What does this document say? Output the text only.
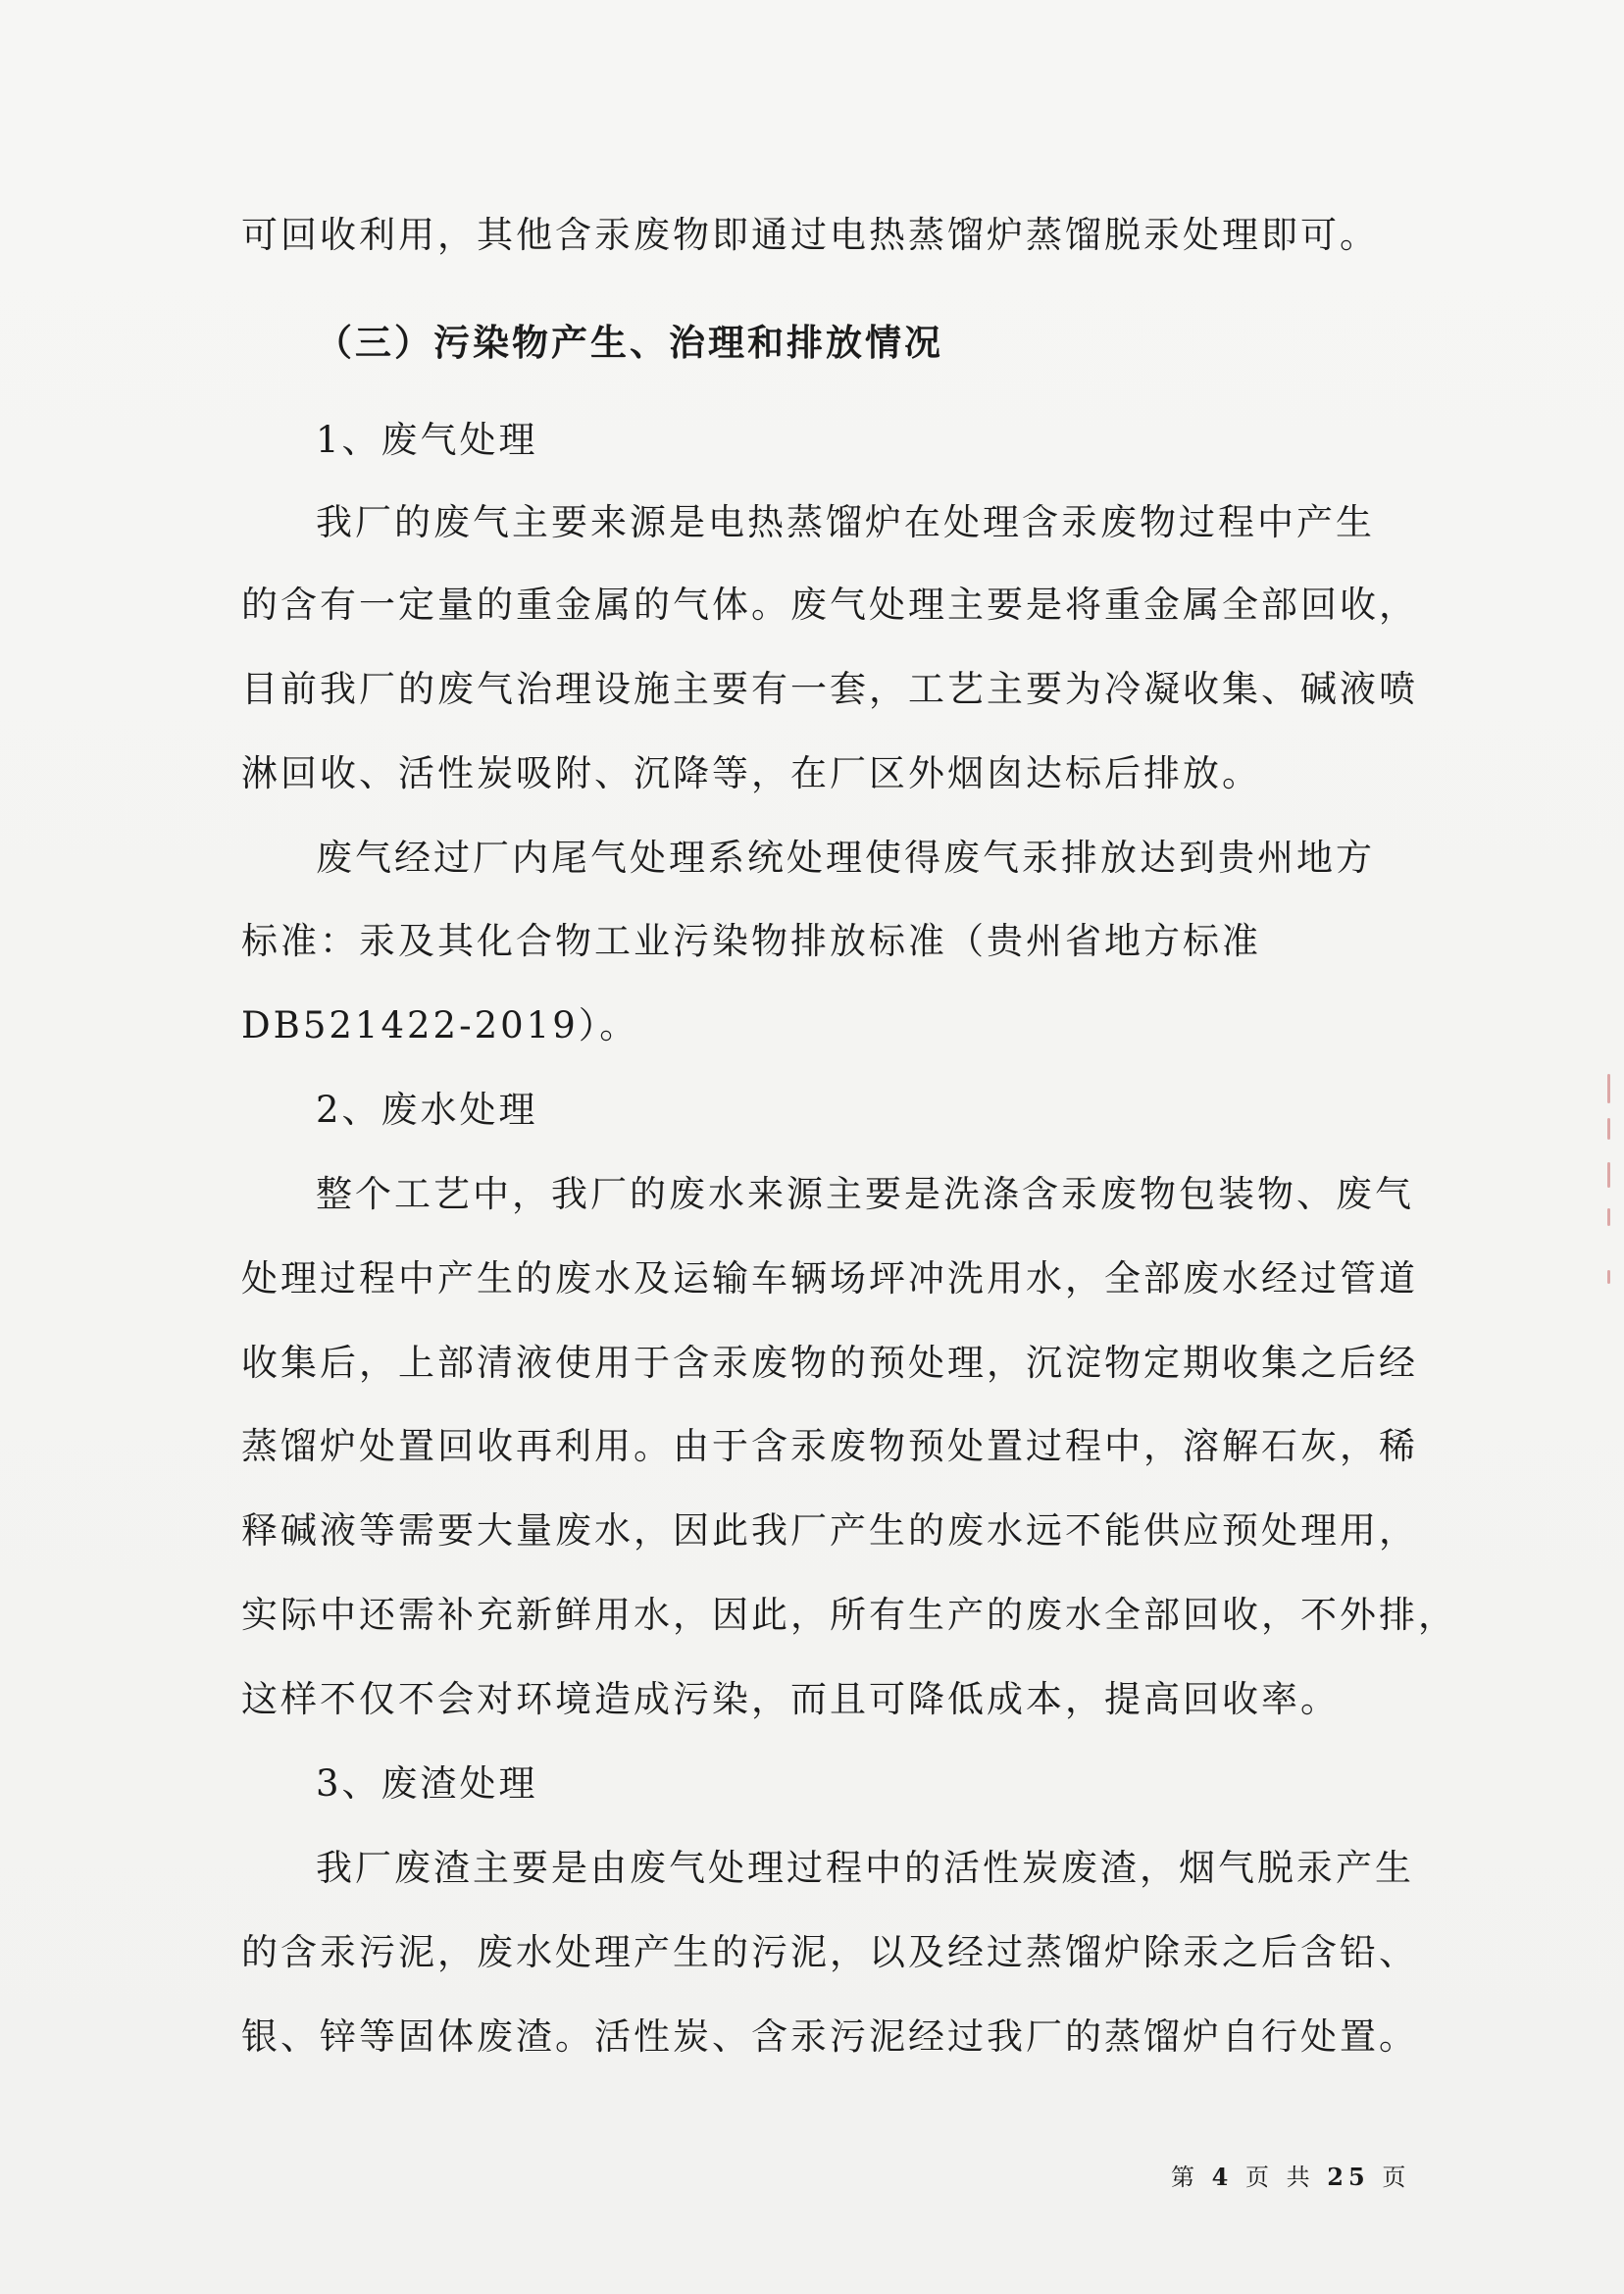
可回收利用，其他含汞废物即通过电热蒸馏炉蒸馏脱汞处理即可。
（三）污染物产生、治理和排放情况
1、废气处理
我厂的废气主要来源是电热蒸馏炉在处理含汞废物过程中产生
的含有一定量的重金属的气体。废气处理主要是将重金属全部回收，
目前我厂的废气治理设施主要有一套，工艺主要为冷凝收集、碱液喷
淋回收、活性炭吸附、沉降等，在厂区外烟囱达标后排放。
废气经过厂内尾气处理系统处理使得废气汞排放达到贵州地方
标准：汞及其化合物工业污染物排放标准（贵州省地方标准
DB521422-2019）。
2、废水处理
整个工艺中，我厂的废水来源主要是洗涤含汞废物包装物、废气
处理过程中产生的废水及运输车辆场坪冲洗用水，全部废水经过管道
收集后，上部清液使用于含汞废物的预处理，沉淀物定期收集之后经
蒸馏炉处置回收再利用。由于含汞废物预处置过程中，溶解石灰，稀
释碱液等需要大量废水，因此我厂产生的废水远不能供应预处理用，
实际中还需补充新鲜用水，因此，所有生产的废水全部回收，不外排，
这样不仅不会对环境造成污染，而且可降低成本，提高回收率。
3、废渣处理
我厂废渣主要是由废气处理过程中的活性炭废渣，烟气脱汞产生
的含汞污泥，废水处理产生的污泥，以及经过蒸馏炉除汞之后含铅、
银、锌等固体废渣。活性炭、含汞污泥经过我厂的蒸馏炉自行处置。
第 4 页 共 25 页
